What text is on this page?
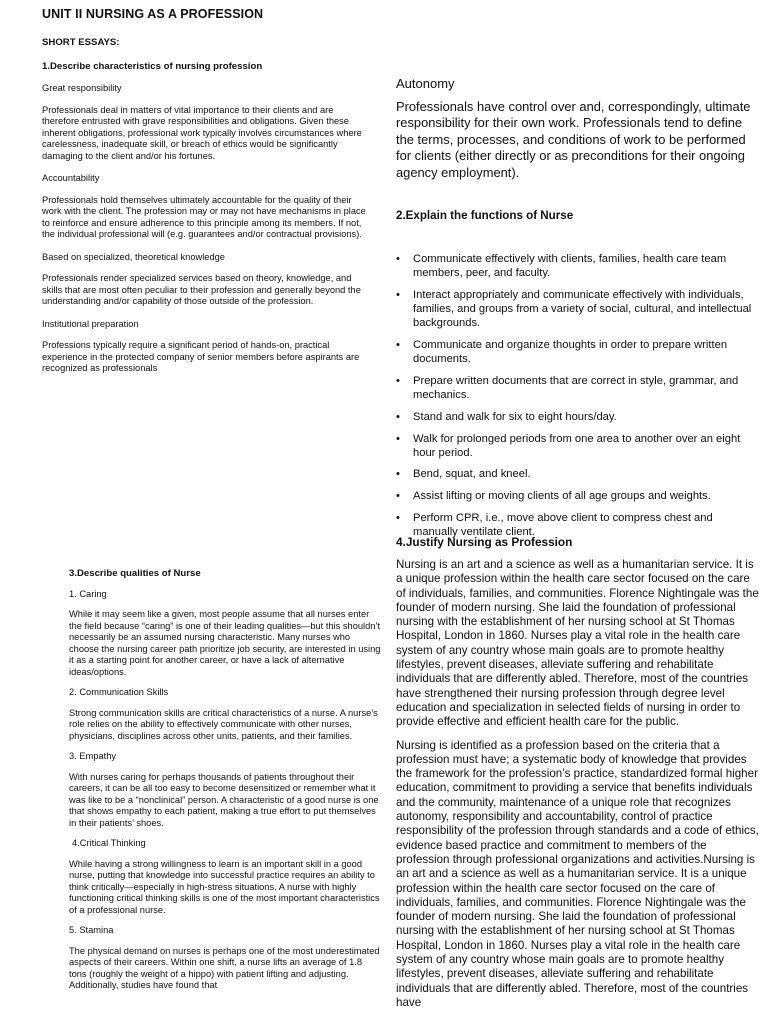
UNIT II NURSING AS A PROFESSION
SHORT ESSAYS:
1.Describe characteristics of nursing profession
Great responsibility
Professionals deal in matters of vital importance to their clients and are therefore entrusted with grave responsibilities and obligations. Given these inherent obligations, professional work typically involves circumstances where carelessness, inadequate skill, or breach of ethics would be significantly damaging to the client and/or his fortunes.
Accountability
Professionals hold themselves ultimately accountable for the quality of their work with the client. The profession may or may not have mechanisms in place to reinforce and ensure adherence to this principle among its members. If not, the individual professional will (e.g. guarantees and/or contractual provisions).
Based on specialized, theoretical knowledge
Professionals render specialized services based on theory, knowledge, and skills that are most often peculiar to their profession and generally beyond the understanding and/or capability of those outside of the profession.
Institutional preparation
Professions typically require a significant period of hands-on, practical experience in the protected company of senior members before aspirants are recognized as professionals
3.Describe qualities of Nurse
1. Caring
While it may seem like a given, most people assume that all nurses enter the field because “caring” is one of their leading qualities—but this shouldn’t necessarily be an assumed nursing characteristic. Many nurses who choose the nursing career path prioritize job security, are interested in using it as a starting point for another career, or have a lack of alternative ideas/options.
2. Communication Skills
Strong communication skills are critical characteristics of a nurse. A nurse’s role relies on the ability to effectively communicate with other nurses, physicians, disciplines across other units, patients, and their families.
3. Empathy
With nurses caring for perhaps thousands of patients throughout their careers, it can be all too easy to become desensitized or remember what it was like to be a “nonclinical” person. A characteristic of a good nurse is one that shows empathy to each patient, making a true effort to put themselves in their patients’ shoes.
4.Critical Thinking
While having a strong willingness to learn is an important skill in a good nurse, putting that knowledge into successful practice requires an ability to think critically—especially in high-stress situations. A nurse with highly functioning critical thinking skills is one of the most important characteristics of a professional nurse.
5. Stamina
The physical demand on nurses is perhaps one of the most underestimated aspects of their careers. Within one shift, a nurse lifts an average of 1.8 tons (roughly the weight of a hippo) with patient lifting and adjusting. Additionally, studies have found that
Autonomy
Professionals have control over and, correspondingly, ultimate responsibility for their own work. Professionals tend to define the terms, processes, and conditions of work to be performed for clients (either directly or as preconditions for their ongoing agency employment).
2.Explain the functions of Nurse
• Communicate effectively with clients, families, health care team members, peer, and faculty.
• Interact appropriately and communicate effectively with individuals, families, and groups from a variety of social, cultural, and intellectual backgrounds.
• Communicate and organize thoughts in order to prepare written documents.
• Prepare written documents that are correct in style, grammar, and mechanics.
• Stand and walk for six to eight hours/day.
• Walk for prolonged periods from one area to another over an eight hour period.
• Bend, squat, and kneel.
• Assist lifting or moving clients of all age groups and weights.
• Perform CPR, i.e., move above client to compress chest and manually ventilate client.
4.Justify Nursing as Profession
Nursing is an art and a science as well as a humanitarian service. It is a unique profession within the health care sector focused on the care of individuals, families, and communities. Florence Nightingale was the founder of modern nursing. She laid the foundation of professional nursing with the establishment of her nursing school at St Thomas Hospital, London in 1860. Nurses play a vital role in the health care system of any country whose main goals are to promote healthy lifestyles, prevent diseases, alleviate suffering and rehabilitate individuals that are differently abled. Therefore, most of the countries have strengthened their nursing profession through degree level education and specialization in selected fields of nursing in order to provide effective and efficient health care for the public.
Nursing is identified as a profession based on the criteria that a profession must have; a systematic body of knowledge that provides the framework for the profession’s practice, standardized formal higher education, commitment to providing a service that benefits individuals and the community, maintenance of a unique role that recognizes autonomy, responsibility and accountability, control of practice responsibility of the profession through standards and a code of ethics, evidence based practice and commitment to members of the profession through professional organizations and activities.Nursing is an art and a science as well as a humanitarian service. It is a unique profession within the health care sector focused on the care of individuals, families, and communities. Florence Nightingale was the founder of modern nursing. She laid the foundation of professional nursing with the establishment of her nursing school at St Thomas Hospital, London in 1860. Nurses play a vital role in the health care system of any country whose main goals are to promote healthy lifestyles, prevent diseases, alleviate suffering and rehabilitate individuals that are differently abled. Therefore, most of the countries have
